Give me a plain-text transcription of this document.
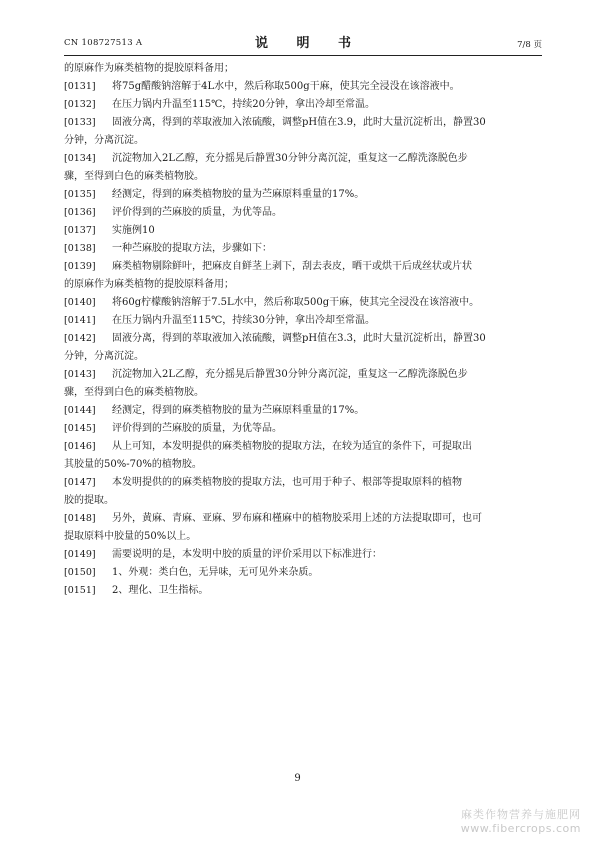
CN 108727513 A	说 明 书	7/8 页
的原麻作为麻类植物的提胶原料备用；
[0131] 将75g醋酸钠溶解于4L水中，然后称取500g干麻，使其完全浸没在该溶液中。
[0132] 在压力锅内升温至115℃，持续20分钟，拿出冷却至常温。
[0133] 固液分离，得到的萃取液加入浓硫酸，调整pH值在3.9，此时大量沉淀析出，静置30
分钟，分离沉淀。
[0134] 沉淀物加入2L乙醇，充分摇晃后静置30分钟分离沉淀，重复这一乙醇洗涤脱色步
骤，至得到白色的麻类植物胶。
[0135] 经测定，得到的麻类植物胶的量为苎麻原料重量的17%。
[0136] 评价得到的苎麻胶的质量，为优等品。
[0137] 实施例10
[0138] 一种苎麻胶的提取方法，步骤如下：
[0139] 麻类植物剔除鲜叶，把麻皮自鲜茎上剥下，刮去表皮，晒干或烘干后成丝状或片状
的原麻作为麻类植物的提胶原料备用；
[0140] 将60g柠檬酸钠溶解于7.5L水中，然后称取500g干麻，使其完全浸没在该溶液中。
[0141] 在压力锅内升温至115℃，持续30分钟，拿出冷却至常温。
[0142] 固液分离，得到的萃取液加入浓硫酸，调整pH值在3.3，此时大量沉淀析出，静置30
分钟，分离沉淀。
[0143] 沉淀物加入2L乙醇，充分摇晃后静置30分钟分离沉淀，重复这一乙醇洗涤脱色步
骤，至得到白色的麻类植物胶。
[0144] 经测定，得到的麻类植物胶的量为苎麻原料重量的17%。
[0145] 评价得到的苎麻胶的质量，为优等品。
[0146] 从上可知，本发明提供的麻类植物胶的提取方法，在较为适宜的条件下，可提取出
其胶量的50%-70%的植物胶。
[0147] 本发明提供的的麻类植物胶的提取方法，也可用于种子、根部等提取原料的植物
胶的提取。
[0148] 另外，黄麻、青麻、亚麻、罗布麻和槿麻中的植物胶采用上述的方法提取即可，也可
提取原料中胶量的50%以上。
[0149] 需要说明的是，本发明中胶的质量的评价采用以下标准进行：
[0150] 1、外观：类白色，无异味，无可见外来杂质。
[0151] 2、理化、卫生指标。
9
麻类作物营养与施肥网
www.fibercrops.com
